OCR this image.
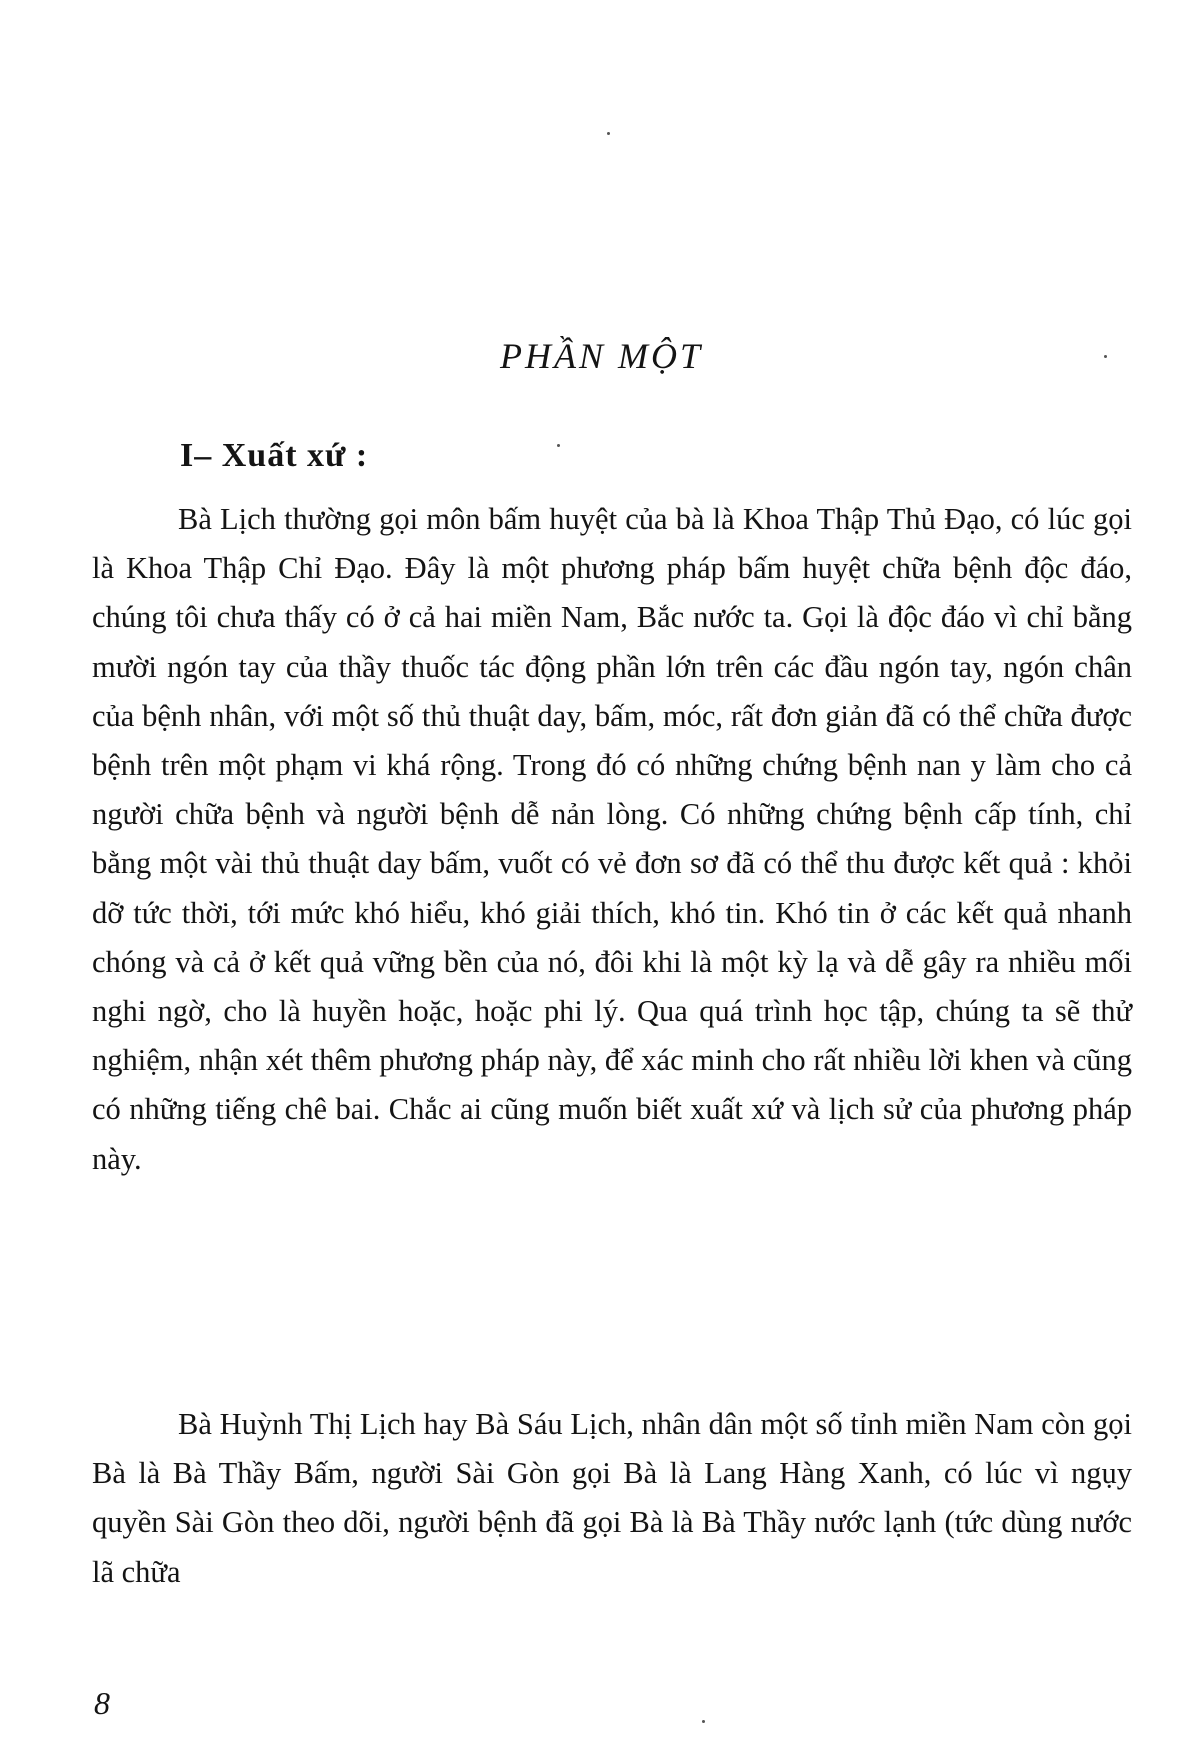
PHẦN MỘT
I– Xuất xứ :

Bà Lịch thường gọi môn bấm huyệt của bà là Khoa Thập Thủ Đạo, có lúc gọi là Khoa Thập Chỉ Đạo. Đây là một phương pháp bấm huyệt chữa bệnh độc đáo, chúng tôi chưa thấy có ở cả hai miền Nam, Bắc nước ta. Gọi là độc đáo vì chỉ bằng mười ngón tay của thầy thuốc tác động phần lớn trên các đầu ngón tay, ngón chân của bệnh nhân, với một số thủ thuật day, bấm, móc, rất đơn giản đã có thể chữa được bệnh trên một phạm vi khá rộng. Trong đó có những chứng bệnh nan y làm cho cả người chữa bệnh và người bệnh dễ nản lòng. Có những chứng bệnh cấp tính, chỉ bằng một vài thủ thuật day bấm, vuốt có vẻ đơn sơ đã có thể thu được kết quả : khỏi dỡ tức thời, tới mức khó hiểu, khó giải thích, khó tin. Khó tin ở các kết quả nhanh chóng và cả ở kết quả vững bền của nó, đôi khi là một kỳ lạ và dễ gây ra nhiều mối nghi ngờ, cho là huyền hoặc, hoặc phi lý. Qua quá trình học tập, chúng ta sẽ thử nghiệm, nhận xét thêm phương pháp này, để xác minh cho rất nhiều lời khen và cũng có những tiếng chê bai. Chắc ai cũng muốn biết xuất xứ và lịch sử của phương pháp này.

Bà Huỳnh Thị Lịch hay Bà Sáu Lịch, nhân dân một số tỉnh miền Nam còn gọi Bà là Bà Thầy Bấm, người Sài Gòn gọi Bà là Lang Hàng Xanh, có lúc vì ngụy quyền Sài Gòn theo dõi, người bệnh đã gọi Bà là Bà Thầy nước lạnh (tức dùng nước lã chữa

8
